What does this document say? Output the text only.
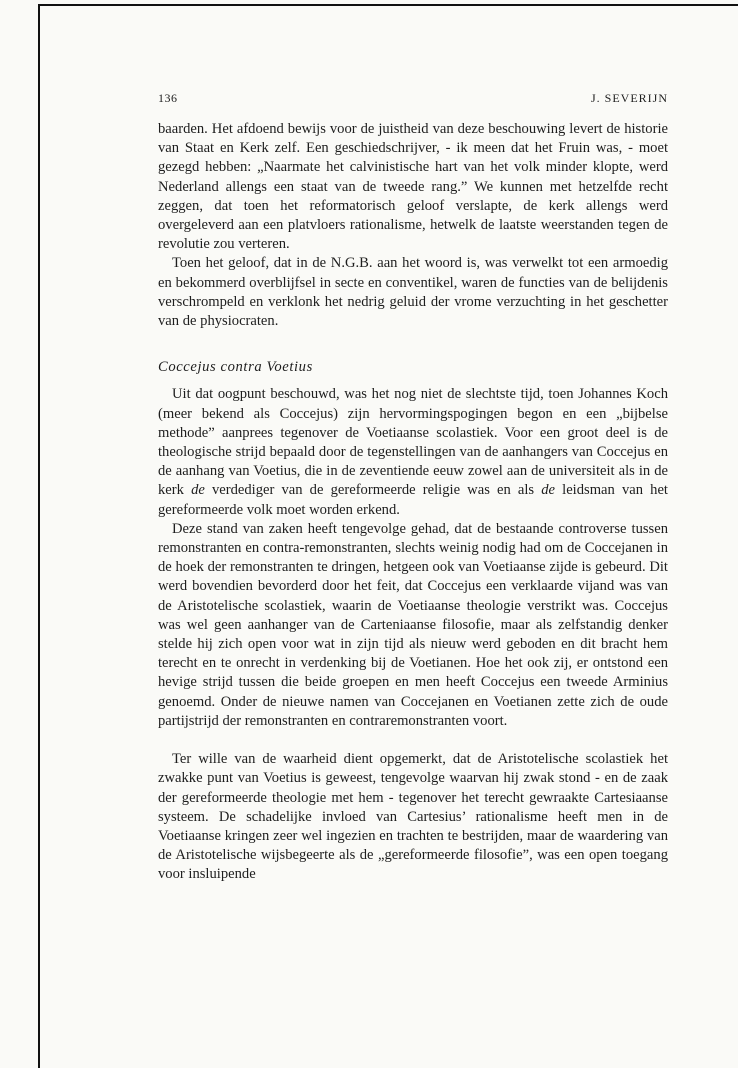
136	J. SEVERIJN

baarden. Het afdoend bewijs voor de juistheid van deze beschouwing levert de historie van Staat en Kerk zelf. Een geschiedschrijver, - ik meen dat het Fruin was, - moet gezegd hebben: „Naarmate het calvinistische hart van het volk minder klopte, werd Nederland allengs een staat van de tweede rang.” We kunnen met hetzelfde recht zeggen, dat toen het reformatorisch geloof verslapte, de kerk allengs werd overgeleverd aan een platvloers rationalisme, hetwelk de laatste weerstanden tegen de revolutie zou verteren.

Toen het geloof, dat in de N.G.B. aan het woord is, was verwelkt tot een armoedig en bekommerd overblijfsel in secte en conventikel, waren de functies van de belijdenis verschrompeld en verklonk het nedrig geluid der vrome verzuchting in het geschetter van de physiocraten.

Coccejus contra Voetius

Uit dat oogpunt beschouwd, was het nog niet de slechtste tijd, toen Johannes Koch (meer bekend als Coccejus) zijn hervormingspogingen begon en een „bijbelse methode” aanprees tegenover de Voetiaanse scolastiek. Voor een groot deel is de theologische strijd bepaald door de tegenstellingen van de aanhangers van Coccejus en de aanhang van Voetius, die in de zeventiende eeuw zowel aan de universiteit als in de kerk de verdediger van de gereformeerde religie was en als de leidsman van het gereformeerde volk moet worden erkend.

Deze stand van zaken heeft tengevolge gehad, dat de bestaande controverse tussen remonstranten en contra-remonstranten, slechts weinig nodig had om de Coccejanen in de hoek der remonstranten te dringen, hetgeen ook van Voetiaanse zijde is gebeurd. Dit werd bovendien bevorderd door het feit, dat Coccejus een verklaarde vijand was van de Aristotelische scolastiek, waarin de Voetiaanse theologie verstrikt was. Coccejus was wel geen aanhanger van de Carteniaanse filosofie, maar als zelfstandig denker stelde hij zich open voor wat in zijn tijd als nieuw werd geboden en dit bracht hem terecht en te onrecht in verdenking bij de Voetianen. Hoe het ook zij, er ontstond een hevige strijd tussen die beide groepen en men heeft Coccejus een tweede Arminius genoemd. Onder de nieuwe namen van Coccejanen en Voetianen zette zich de oude partijstrijd der remonstranten en contraremonstranten voort.

Ter wille van de waarheid dient opgemerkt, dat de Aristotelische scolastiek het zwakke punt van Voetius is geweest, tengevolge waarvan hij zwak stond - en de zaak der gereformeerde theologie met hem - tegenover het terecht gewraakte Cartesiaanse systeem. De schadelijke invloed van Cartesius’ rationalisme heeft men in de Voetiaanse kringen zeer wel ingezien en trachten te bestrijden, maar de waardering van de Aristotelische wijsbegeerte als de „gereformeerde filosofie”, was een open toegang voor insluipende
